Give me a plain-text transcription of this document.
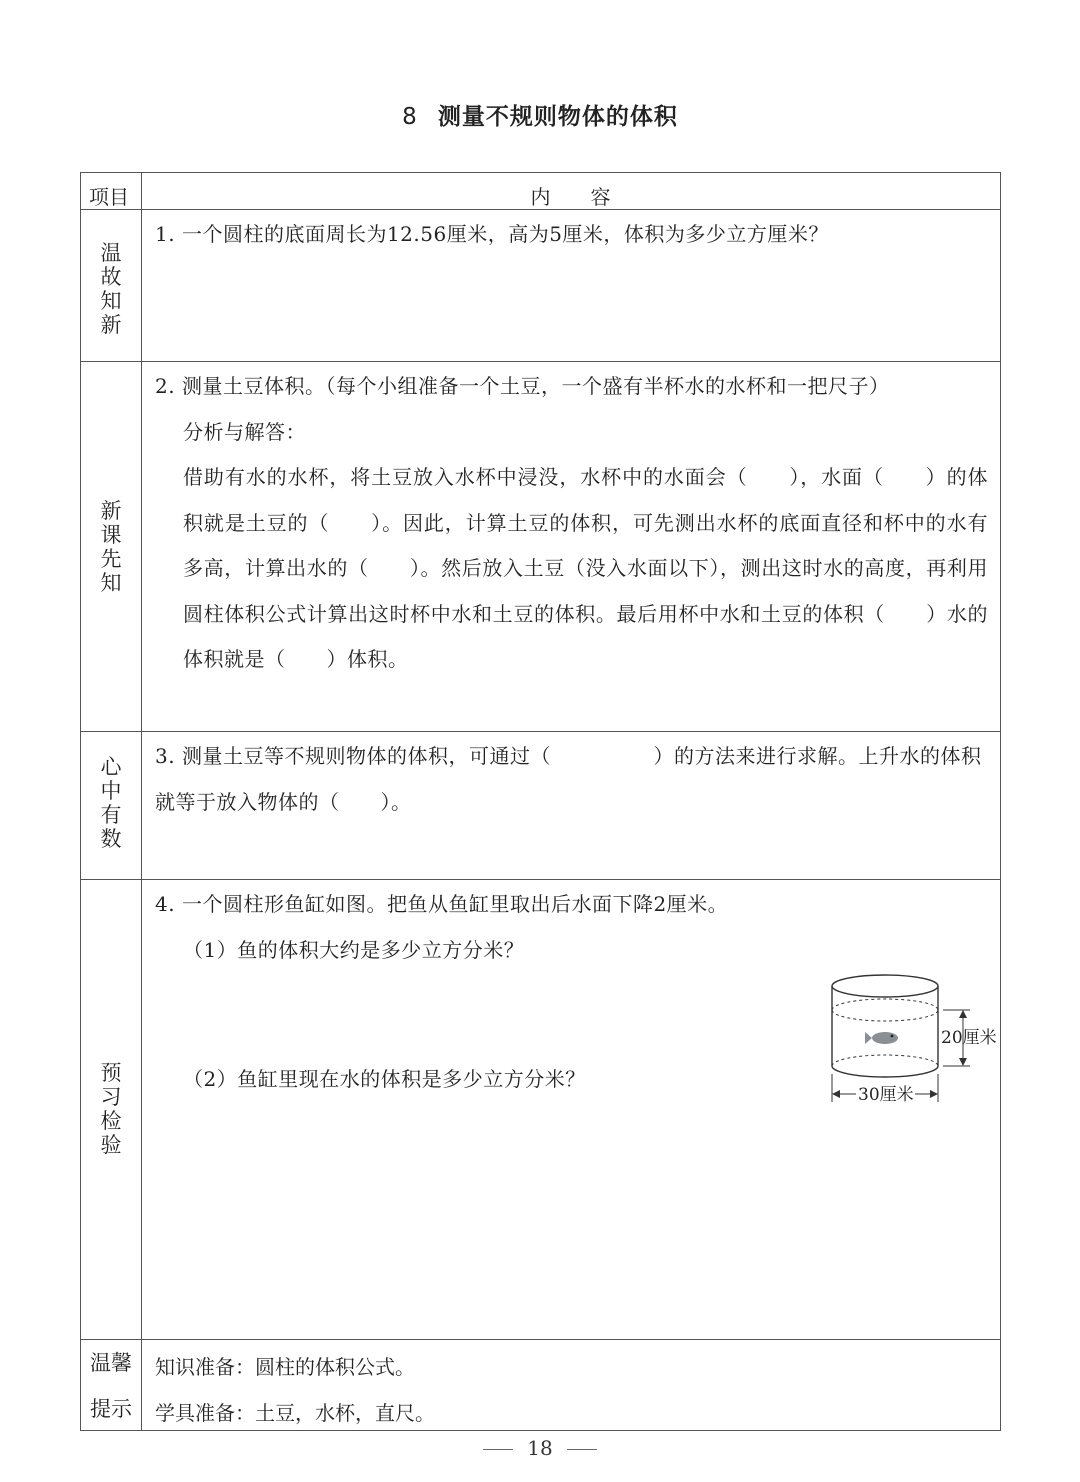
8 测量不规则物体的体积
项目	内　　容
温故知新
1. 一个圆柱的底面周长为12.56厘米，高为5厘米，体积为多少立方厘米？
新课先知
2. 测量土豆体积。（每个小组准备一个土豆，一个盛有半杯水的水杯和一把尺子）
分析与解答：
借助有水的水杯，将土豆放入水杯中浸没，水杯中的水面会（　　），水面（　　）的体积就是土豆的（　　）。因此，计算土豆的体积，可先测出水杯的底面直径和杯中的水有多高，计算出水的（　　）。然后放入土豆（没入水面以下），测出这时水的高度，再利用圆柱体积公式计算出这时杯中水和土豆的体积。最后用杯中水和土豆的体积（　　）水的体积就是（　　）体积。
心中有数
3. 测量土豆等不规则物体的体积，可通过（　　　　　）的方法来进行求解。上升水的体积就等于放入物体的（　　）。
预习检验
4. 一个圆柱形鱼缸如图。把鱼从鱼缸里取出后水面下降2厘米。
（1）鱼的体积大约是多少立方分米？
（2）鱼缸里现在水的体积是多少立方分米？
温馨
提示
知识准备：圆柱的体积公式。
学具准备：土豆，水杯，直尺。
20厘米
30厘米
18
